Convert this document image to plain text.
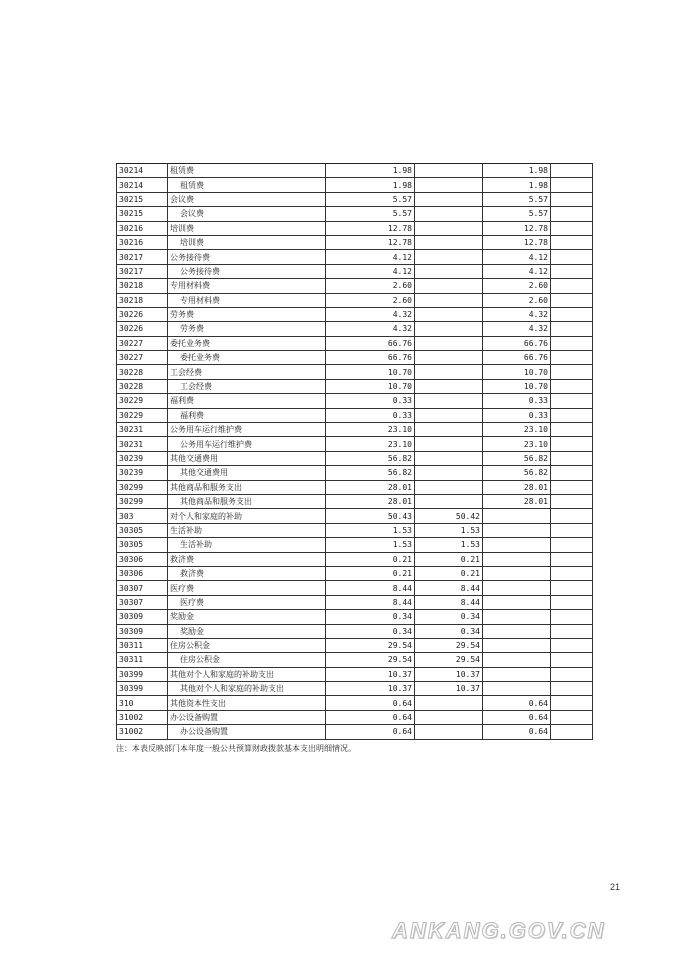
30214	租赁费	1.98		1.98	
30214	租赁费	1.98		1.98	
30215	会议费	5.57		5.57	
30215	会议费	5.57		5.57	
30216	培训费	12.78		12.78	
30216	培训费	12.78		12.78	
30217	公务接待费	4.12		4.12	
30217	公务接待费	4.12		4.12	
30218	专用材料费	2.60		2.60	
30218	专用材料费	2.60		2.60	
30226	劳务费	4.32		4.32	
30226	劳务费	4.32		4.32	
30227	委托业务费	66.76		66.76	
30227	委托业务费	66.76		66.76	
30228	工会经费	10.70		10.70	
30228	工会经费	10.70		10.70	
30229	福利费	0.33		0.33	
30229	福利费	0.33		0.33	
30231	公务用车运行维护费	23.10		23.10	
30231	公务用车运行维护费	23.10		23.10	
30239	其他交通费用	56.82		56.82	
30239	其他交通费用	56.82		56.82	
30299	其他商品和服务支出	28.01		28.01	
30299	其他商品和服务支出	28.01		28.01	
303	对个人和家庭的补助	50.43	50.42		
30305	生活补助	1.53	1.53		
30305	生活补助	1.53	1.53		
30306	救济费	0.21	0.21		
30306	救济费	0.21	0.21		
30307	医疗费	8.44	8.44		
30307	医疗费	8.44	8.44		
30309	奖励金	0.34	0.34		
30309	奖励金	0.34	0.34		
30311	住房公积金	29.54	29.54		
30311	住房公积金	29.54	29.54		
30399	其他对个人和家庭的补助支出	10.37	10.37		
30399	其他对个人和家庭的补助支出	10.37	10.37		
310	其他资本性支出	0.64		0.64	
31002	办公设备购置	0.64		0.64	
31002	办公设备购置	0.64		0.64	
注：本表反映部门本年度一般公共预算财政拨款基本支出明细情况。
21
ANKANG.GOV.CN
